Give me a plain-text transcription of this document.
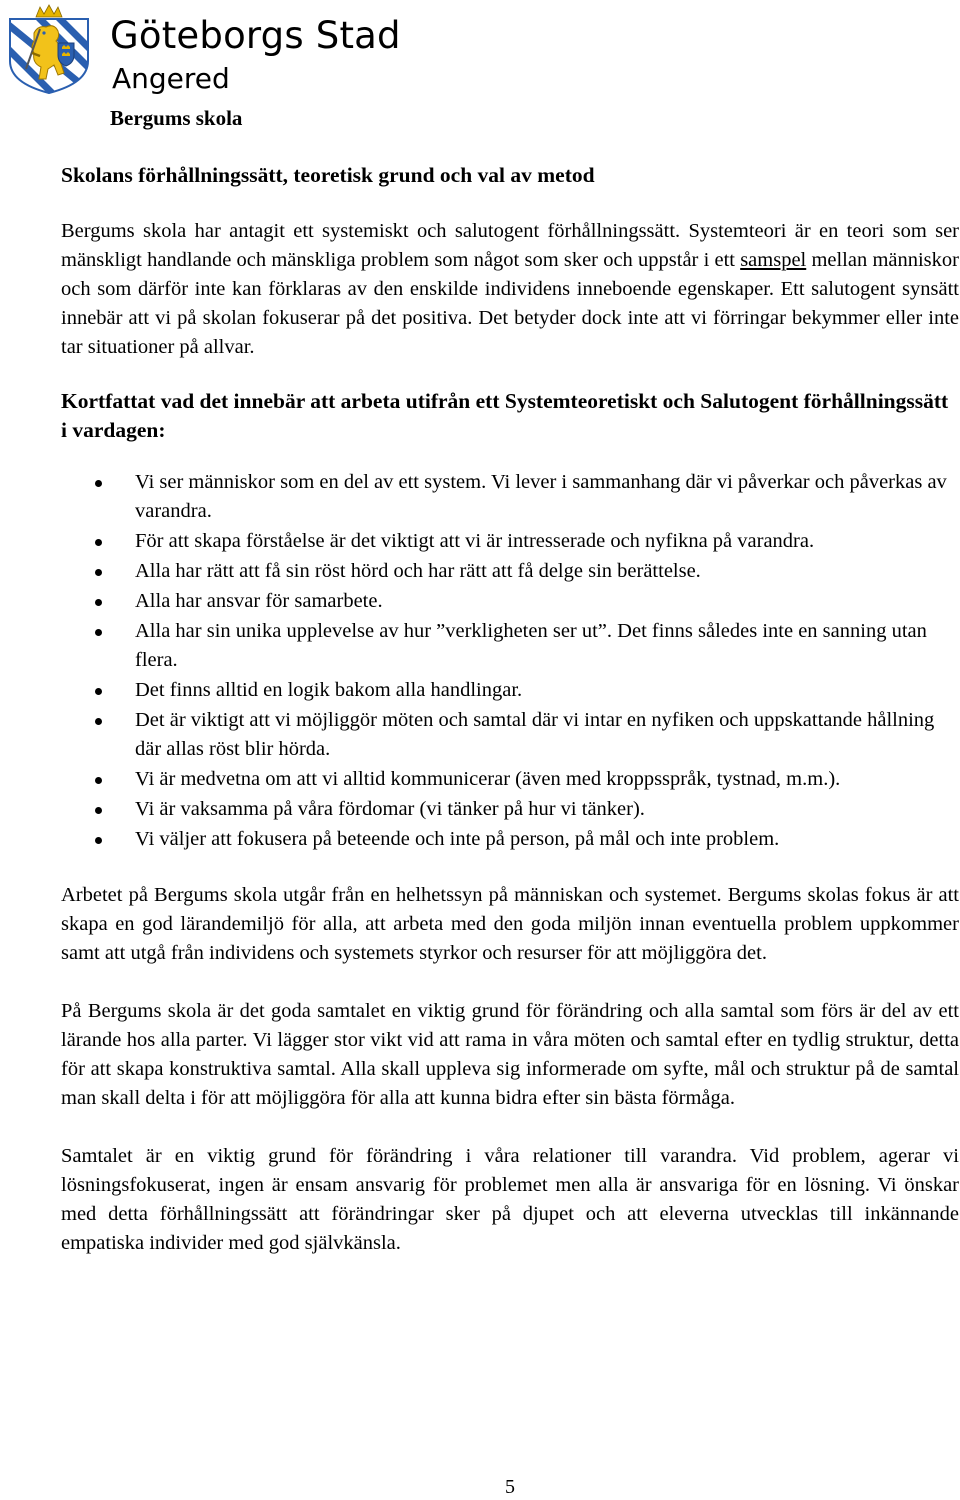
Göteborgs Stad
Angered
Bergums skola
Skolans förhållningssätt, teoretisk grund och val av metod

Bergums skola har antagit ett systemiskt och salutogent förhållningssätt. Systemteori är en teori som ser mänskligt handlande och mänskliga problem som något som sker och uppstår i ett samspel mellan människor och som därför inte kan förklaras av den enskilde individens inneboende egenskaper. Ett salutogent synsätt innebär att vi på skolan fokuserar på det positiva. Det betyder dock inte att vi förringar bekymmer eller inte tar situationer på allvar.

Kortfattat vad det innebär att arbeta utifrån ett Systemteoretiskt och Salutogent förhållningssätt i vardagen:
Vi ser människor som en del av ett system. Vi lever i sammanhang där vi påverkar och påverkas av varandra.
För att skapa förståelse är det viktigt att vi är intresserade och nyfikna på varandra.
Alla har rätt att få sin röst hörd och har rätt att få delge sin berättelse.
Alla har ansvar för samarbete.
Alla har sin unika upplevelse av hur ”verkligheten ser ut”. Det finns således inte en sanning utan flera.
Det finns alltid en logik bakom alla handlingar.
Det är viktigt att vi möjliggör möten och samtal där vi intar en nyfiken och uppskattande hållning där allas röst blir hörda.
Vi är medvetna om att vi alltid kommunicerar (även med kroppsspråk, tystnad, m.m.).
Vi är vaksamma på våra fördomar (vi tänker på hur vi tänker).
Vi väljer att fokusera på beteende och inte på person, på mål och inte problem.

Arbetet på Bergums skola utgår från en helhetssyn på människan och systemet. Bergums skolas fokus är att skapa en god lärandemiljö för alla, att arbeta med den goda miljön innan eventuella problem uppkommer samt att utgå från individens och systemets styrkor och resurser för att möjliggöra det.

På Bergums skola är det goda samtalet en viktig grund för förändring och alla samtal som förs är del av ett lärande hos alla parter. Vi lägger stor vikt vid att rama in våra möten och samtal efter en tydlig struktur, detta för att skapa konstruktiva samtal. Alla skall uppleva sig informerade om syfte, mål och struktur på de samtal man skall delta i för att möjliggöra för alla att kunna bidra efter sin bästa förmåga.

Samtalet är en viktig grund för förändring i våra relationer till varandra. Vid problem, agerar vi lösningsfokuserat, ingen är ensam ansvarig för problemet men alla är ansvariga för en lösning. Vi önskar med detta förhållningssätt att förändringar sker på djupet och att eleverna utvecklas till inkännande empatiska individer med god självkänsla.

5
